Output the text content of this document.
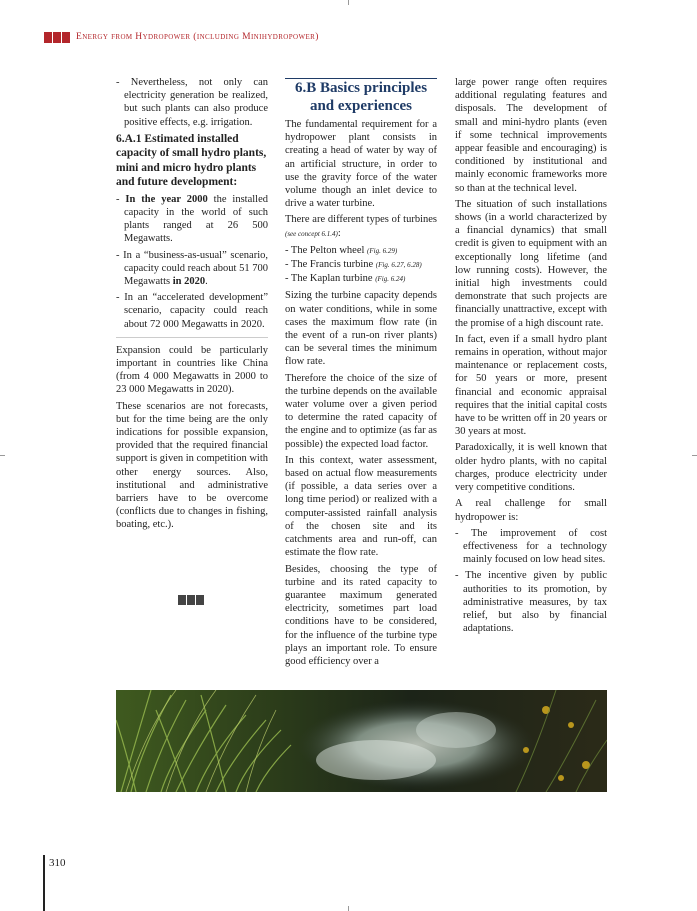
Energy from Hydropower (including Minihydropower)

- Nevertheless, not only can electricity generation be realized, but such plants can also produce positive effects, e.g. irrigation.

6.A.1 Estimated installed capacity of small hydro plants, mini and micro hydro plants and future development:

- In the year 2000 the installed capacity in the world of such plants ranged at 26 500 Megawatts.

- In a “business-as-usual” scenario, capacity could reach about 51 700 Megawatts in 2020.

- In an “accelerated development” scenario, capacity could reach about 72 000 Megawatts in 2020.

Expansion could be particularly important in countries like China (from 4 000 Megawatts in 2000 to 23 000 Megawatts in 2020).

These scenarios are not forecasts, but for the time being are the only indications for possible expansion, provided that the required financial support is given in competition with other energy sources. Also, institutional and administrative barriers have to be overcome (conflicts due to changes in fishing, boating, etc.).

6.B Basics principles and experiences

The fundamental requirement for a hydropower plant consists in creating a head of water by way of an artificial structure, in order to use the gravity force of the water volume though an inlet device to drive a water turbine.

There are different types of turbines (see concept 6.1.4):

- The Pelton wheel (Fig. 6.29)

- The Francis turbine (Fig. 6.27, 6.28)

- The Kaplan turbine (Fig. 6.24)

Sizing the turbine capacity depends on water conditions, while in some cases the maximum flow rate (in the event of a run-on river plants) can be several times the minimum flow rate.

Therefore the choice of the size of the turbine depends on the available water volume over a given period to determine the rated capacity of the engine and to optimize (as far as possible) the expected load factor.

In this context, water assessment, based on actual flow measurements (if possible, a data series over a long time period) or realized with a computer-assisted rainfall analysis of the chosen site and its catchments area and run-off, can estimate the flow rate.

Besides, choosing the type of turbine and its rated capacity to guarantee maximum generated electricity, sometimes part load conditions have to be considered, for the influence of the turbine type plays an important role. To ensure good efficiency over a

large power range often requires additional regulating features and disposals. The development of small and mini-hydro plants (even if some technical improvements appear feasible and encouraging) is conditioned by institutional and mainly economic frameworks more so than at the technical level.

The situation of such installations shows (in a world characterized by a financial dynamics) that small credit is given to equipment with an exceptionally long lifetime (and low running costs). However, the initial high investments could demonstrate that such projects are financially unattractive, except with the promise of a high discount rate.

In fact, even if a small hydro plant remains in operation, without major maintenance or replacement costs, for 50 years or more, present financial and economic appraisal requires that the initial capital costs have to be written off in 20 years or 30 years at most.

Paradoxically, it is well known that older hydro plants, with no capital charges, produce electricity under very competitive conditions.

A real challenge for small hydropower is:

- The improvement of cost effectiveness for a technology mainly focused on low head sites.

- The incentive given by public authorities to its promotion, by administrative measures, by tax relief, but also by financial adaptations.

310
